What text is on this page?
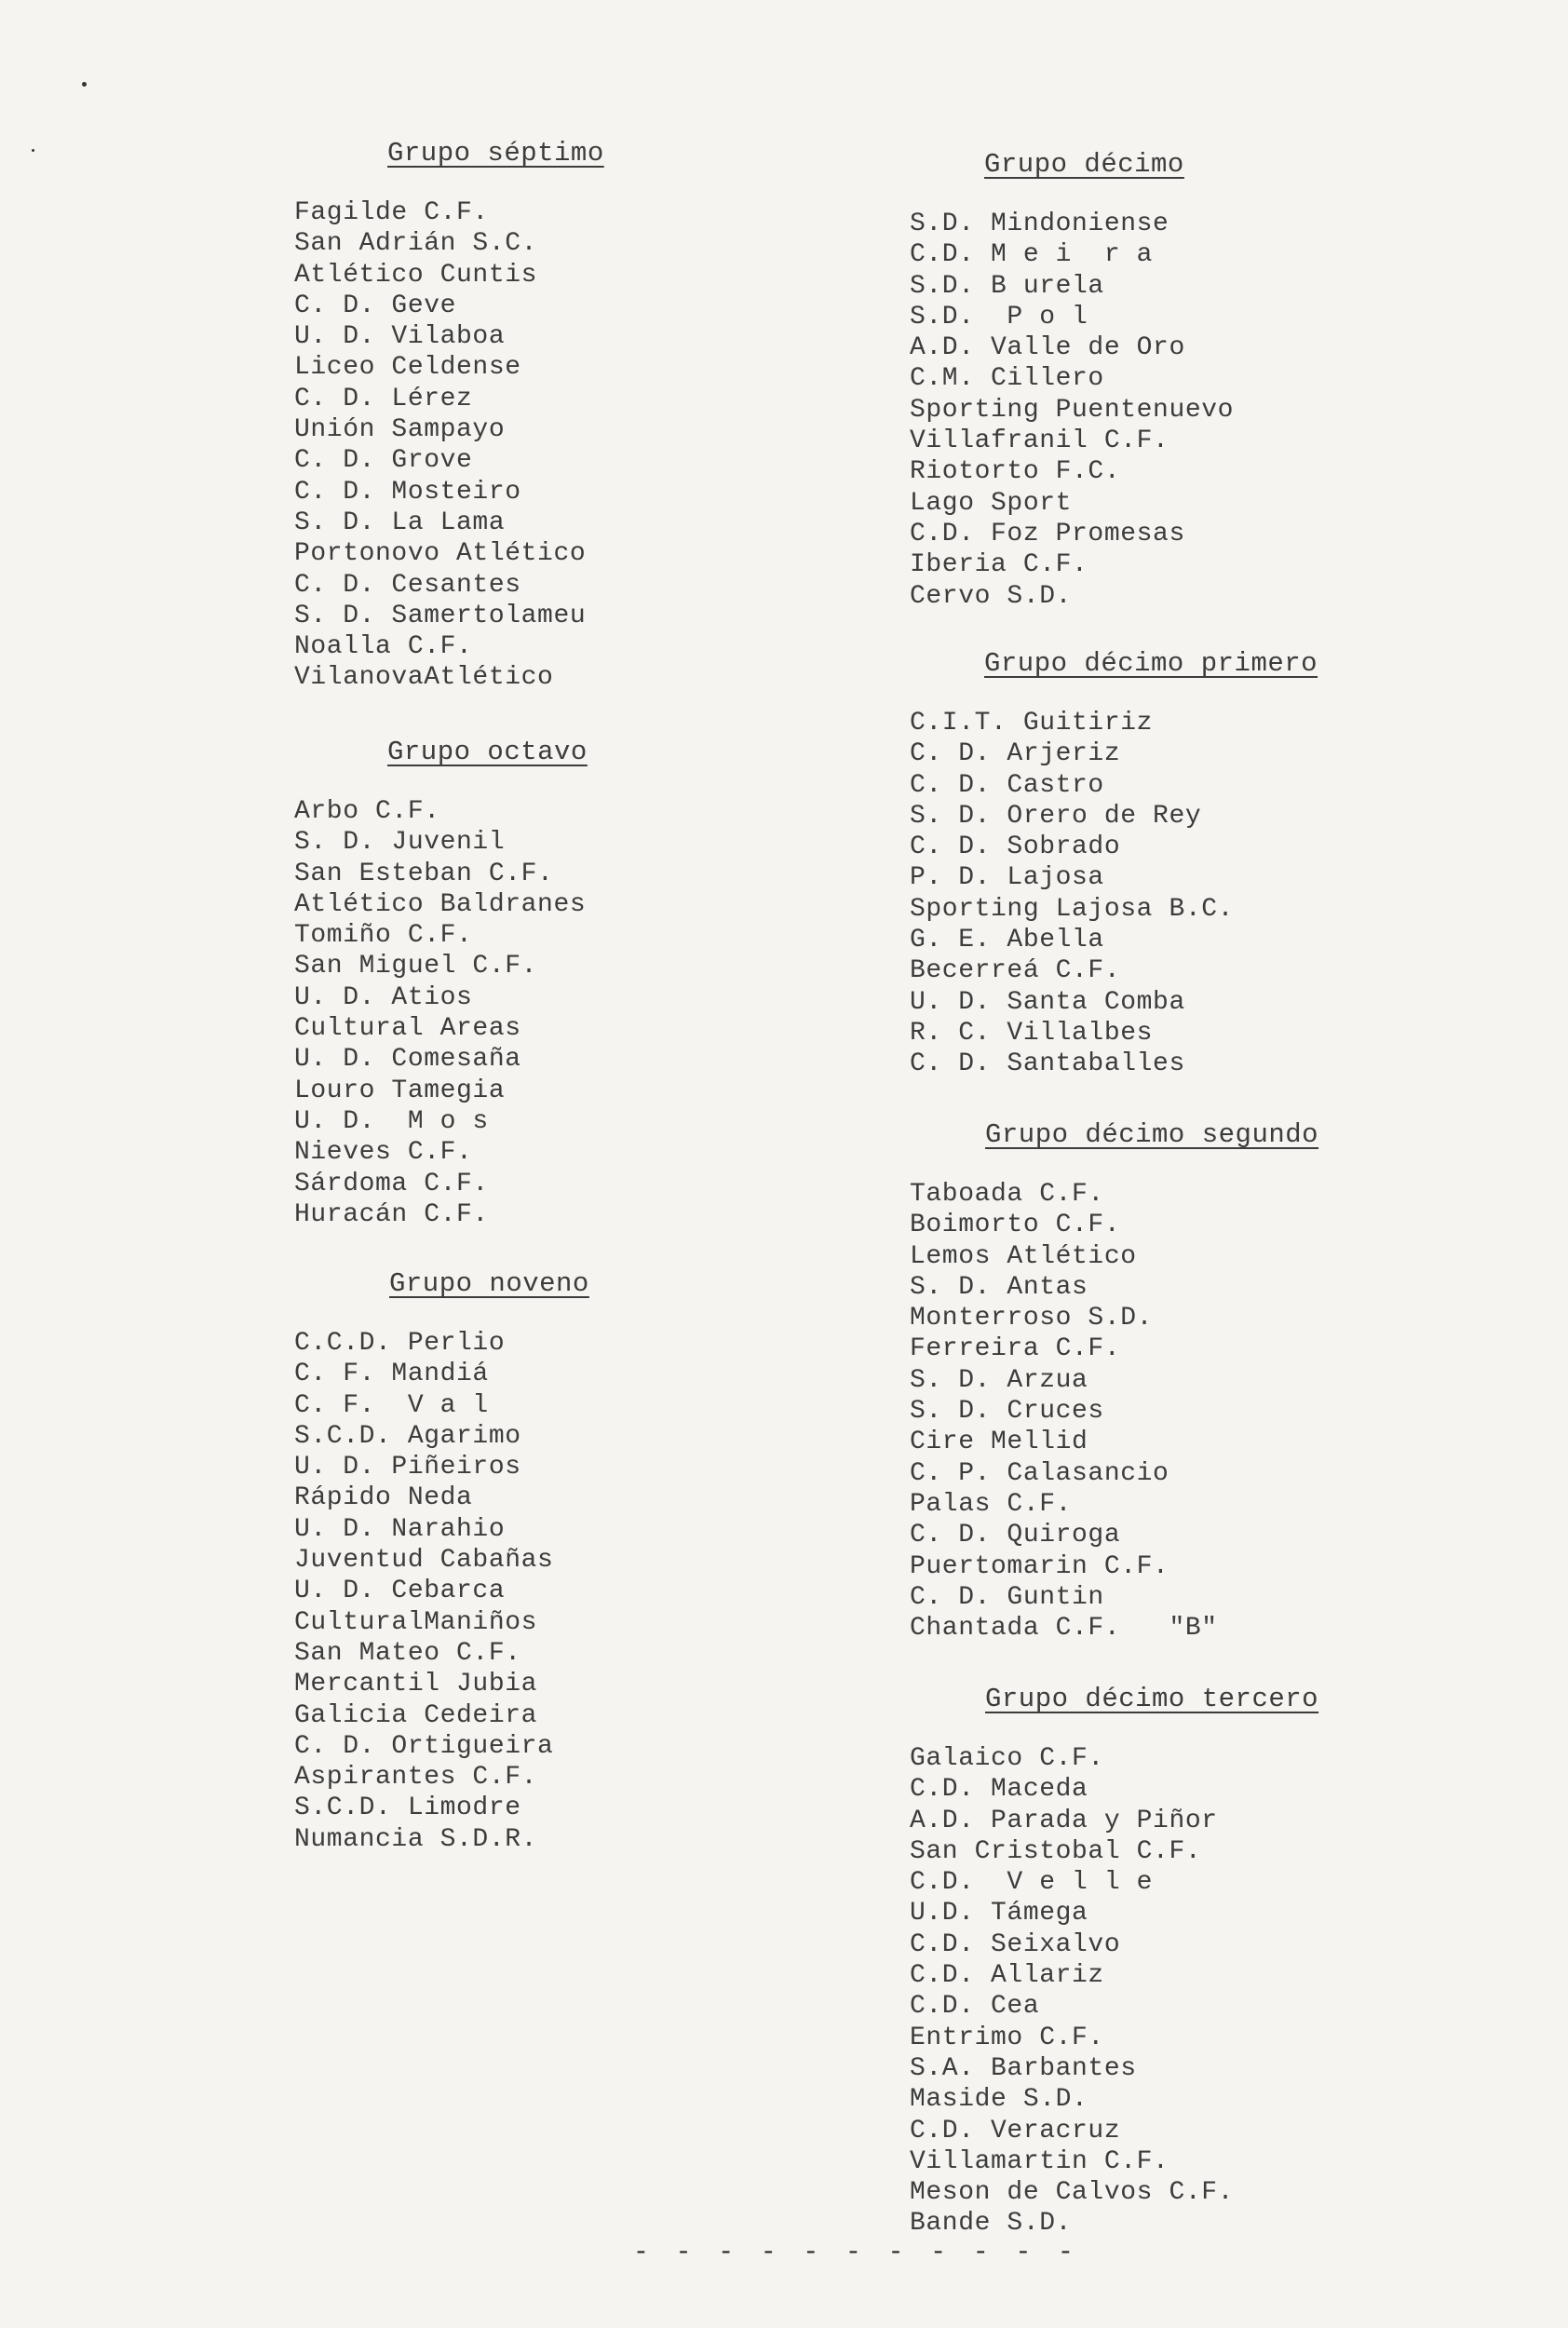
Grupo séptimo
Fagilde C.F.
San Adrián S.C.
Atlético Cuntis
C. D. Geve
U. D. Vilaboa
Liceo Celdense
C. D. Lérez
Unión Sampayo
C. D. Grove
C. D. Mosteiro
S. D. La Lama
Portonovo Atlético
C. D. Cesantes
S. D. Samertolameu
Noalla C.F.
VilanovaAtlético
Grupo octavo
Arbo C.F.
S. D. Juvenil
San Esteban C.F.
Atlético Baldranes
Tomiño C.F.
San Miguel C.F.
U. D. Atios
Cultural Areas
U. D. Comesaña
Louro Tamegia
U. D.  M o s
Nieves C.F.
Sárdoma C.F.
Huracán C.F.
Grupo noveno
C.C.D. Perlio
C. F. Mandiá
C. F.  V a l
S.C.D. Agarimo
U. D. Piñeiros
Rápido Neda
U. D. Narahio
Juventud Cabañas
U. D. Cebarca
CulturalManiños
San Mateo C.F.
Mercantil Jubia
Galicia Cedeira
C. D. Ortigueira
Aspirantes C.F.
S.C.D. Limodre
Numancia S.D.R.
Grupo décimo
S.D. Mindoniense
C.D. M e i  r a
S.D. B urela
S.D.  P o l
A.D. Valle de Oro
C.M. Cillero
Sporting Puentenuevo
Villafranil C.F.
Riotorto F.C.
Lago Sport
C.D. Foz Promesas
Iberia C.F.
Cervo S.D.
Grupo décimo primero
C.I.T. Guitiriz
C. D. Arjeriz
C. D. Castro
S. D. Orero de Rey
C. D. Sobrado
P. D. Lajosa
Sporting Lajosa B.C.
G. E. Abella
Becerreá C.F.
U. D. Santa Comba
R. C. Villalbes
C. D. Santaballes
Grupo décimo segundo
Taboada C.F.
Boimorto C.F.
Lemos Atlético
S. D. Antas
Monterroso S.D.
Ferreira C.F.
S. D. Arzua
S. D. Cruces
Cire Mellid
C. P. Calasancio
Palas C.F.
C. D. Quiroga
Puertomarin C.F.
C. D. Guntin
Chantada C.F.   "B"
Grupo décimo tercero
Galaico C.F.
C.D. Maceda
A.D. Parada y Piñor
San Cristobal C.F.
C.D.  V e l l e
U.D. Támega
C.D. Seixalvo
C.D. Allariz
C.D. Cea
Entrimo C.F.
S.A. Barbantes
Maside S.D.
C.D. Veracruz
Villamartin C.F.
Meson de Calvos C.F.
Bande S.D.
- - - - - - - - - - -
